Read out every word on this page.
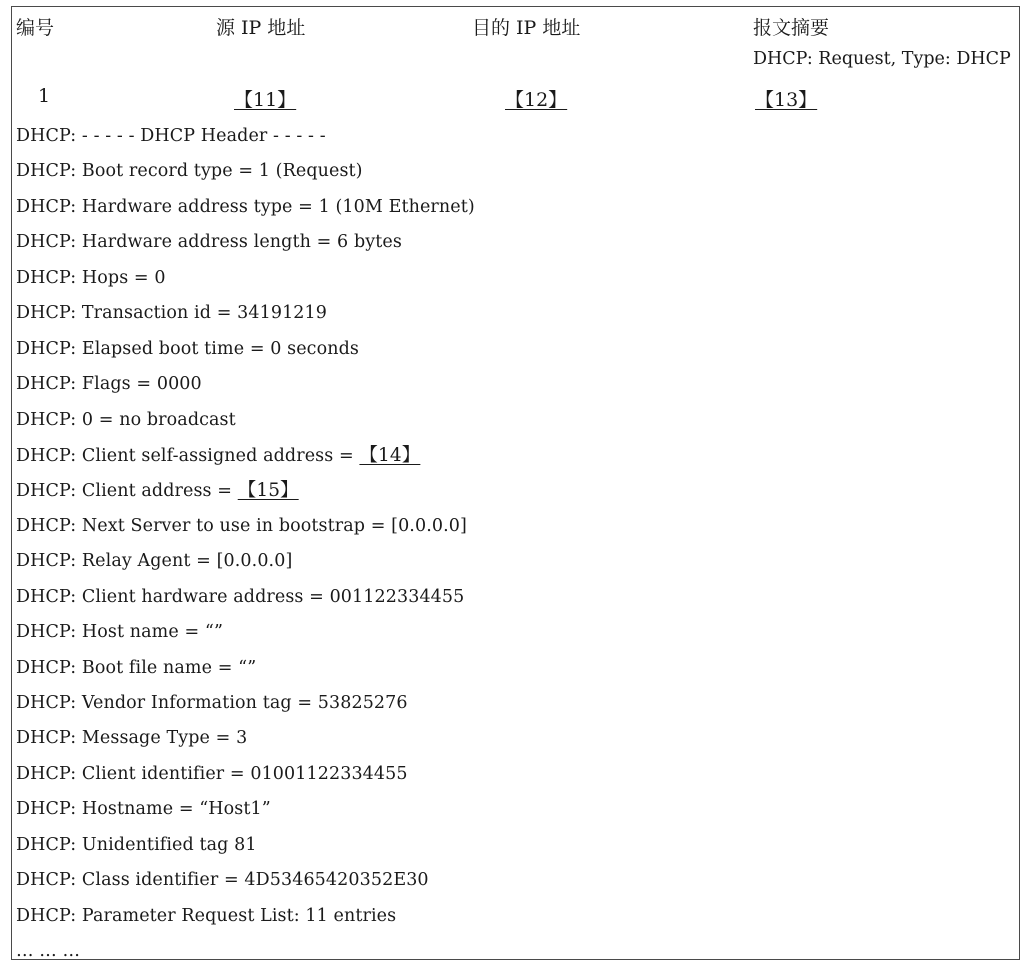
编号	源 IP 地址	目的 IP 地址	报文摘要
DHCP: Request, Type: DHCP
1	【11】	【12】	【13】
DHCP: - - - - - DHCP Header - - - - -
DHCP: Boot record type = 1 (Request)
DHCP: Hardware address type = 1 (10M Ethernet)
DHCP: Hardware address length = 6 bytes
DHCP: Hops = 0
DHCP: Transaction id = 34191219
DHCP: Elapsed boot time = 0 seconds
DHCP: Flags = 0000
DHCP: 0 = no broadcast
DHCP: Client self-assigned address = 【14】
DHCP: Client address = 【15】
DHCP: Next Server to use in bootstrap = [0.0.0.0]
DHCP: Relay Agent = [0.0.0.0]
DHCP: Client hardware address = 001122334455
DHCP: Host name = “”
DHCP: Boot file name = “”
DHCP: Vendor Information tag = 53825276
DHCP: Message Type = 3
DHCP: Client identifier = 01001122334455
DHCP: Hostname = “Host1”
DHCP: Unidentified tag 81
DHCP: Class identifier = 4D53465420352E30
DHCP: Parameter Request List: 11 entries
… … …
